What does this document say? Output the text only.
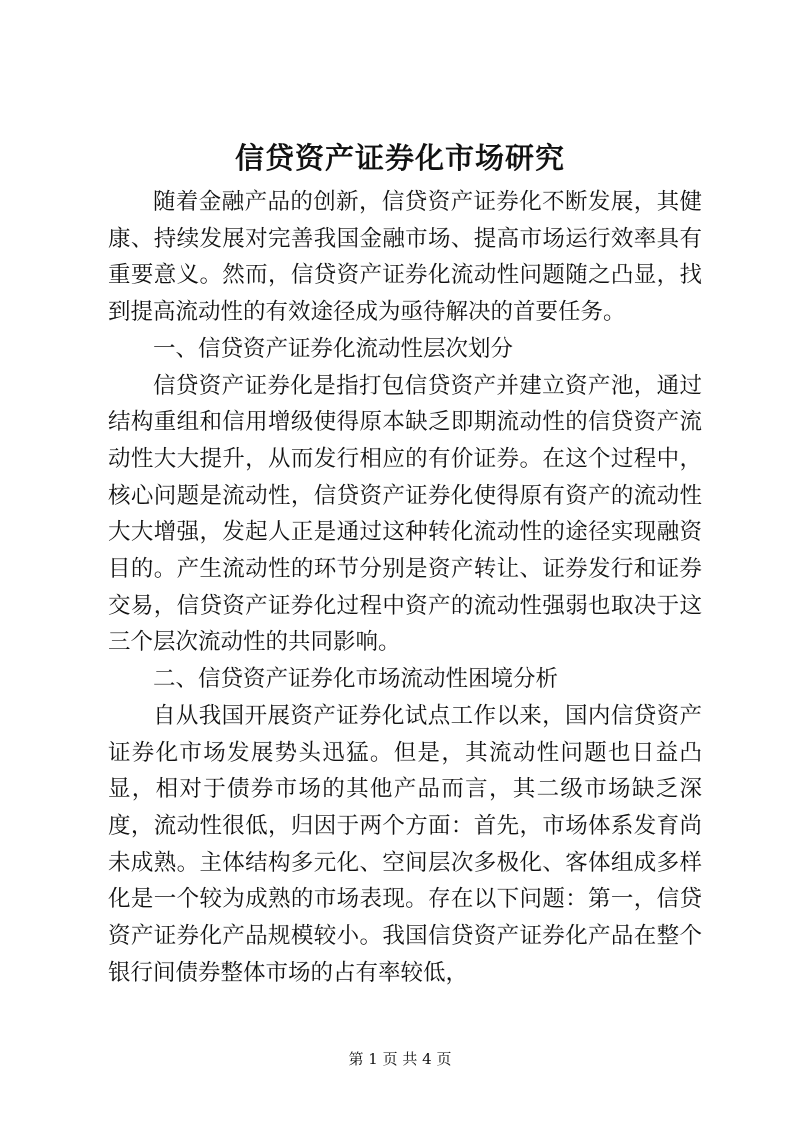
信贷资产证券化市场研究

随着金融产品的创新，信贷资产证券化不断发展，其健康、持续发展对完善我国金融市场、提高市场运行效率具有重要意义。然而，信贷资产证券化流动性问题随之凸显，找到提高流动性的有效途径成为亟待解决的首要任务。

一、信贷资产证券化流动性层次划分

信贷资产证券化是指打包信贷资产并建立资产池，通过结构重组和信用增级使得原本缺乏即期流动性的信贷资产流动性大大提升，从而发行相应的有价证券。在这个过程中，核心问题是流动性，信贷资产证券化使得原有资产的流动性大大增强，发起人正是通过这种转化流动性的途径实现融资目的。产生流动性的环节分别是资产转让、证券发行和证券交易，信贷资产证券化过程中资产的流动性强弱也取决于这三个层次流动性的共同影响。

二、信贷资产证券化市场流动性困境分析

自从我国开展资产证券化试点工作以来，国内信贷资产证券化市场发展势头迅猛。但是，其流动性问题也日益凸显，相对于债券市场的其他产品而言，其二级市场缺乏深度，流动性很低，归因于两个方面：首先，市场体系发育尚未成熟。主体结构多元化、空间层次多极化、客体组成多样化是一个较为成熟的市场表现。存在以下问题：第一，信贷资产证券化产品规模较小。我国信贷资产证券化产品在整个银行间债券整体市场的占有率较低，

第 1 页 共 4 页
